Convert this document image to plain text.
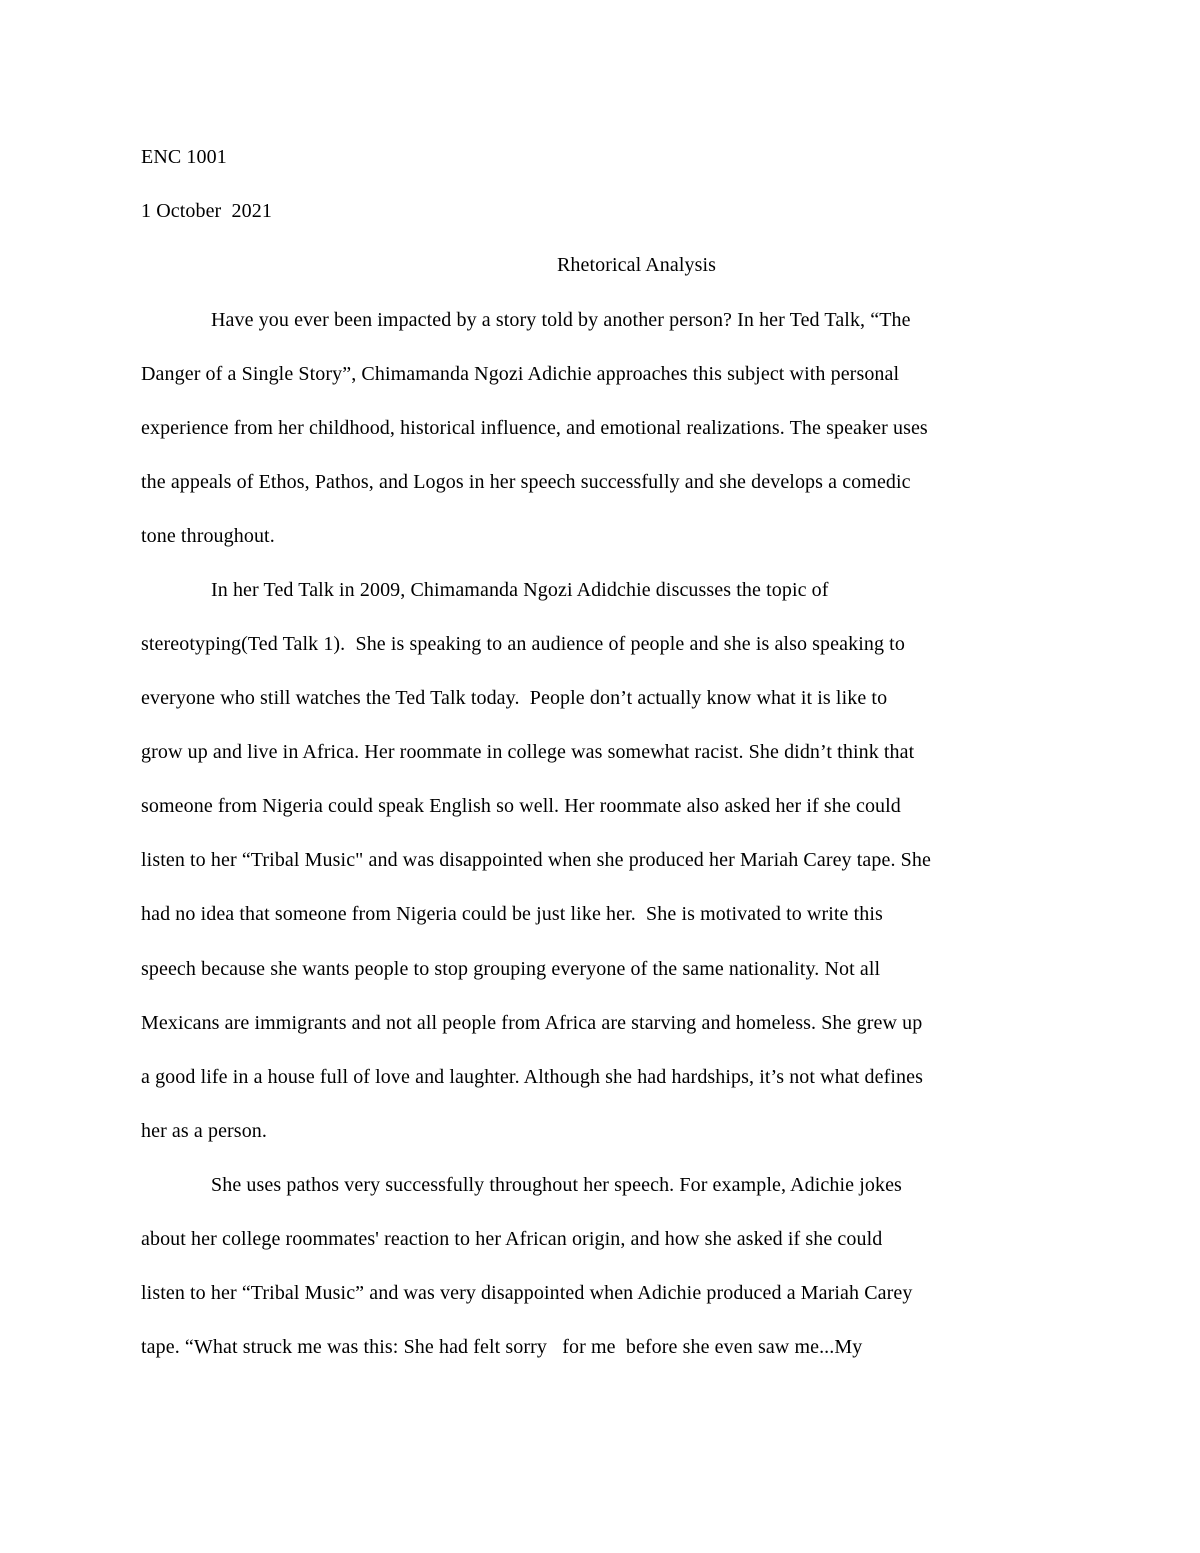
ENC 1001
1 October  2021
Rhetorical Analysis
Have you ever been impacted by a story told by another person? In her Ted Talk, “The
Danger of a Single Story”, Chimamanda Ngozi Adichie approaches this subject with personal
experience from her childhood, historical influence, and emotional realizations. The speaker uses
the appeals of Ethos, Pathos, and Logos in her speech successfully and she develops a comedic
tone throughout.
In her Ted Talk in 2009, Chimamanda Ngozi Adidchie discusses the topic of
stereotyping(Ted Talk 1).  She is speaking to an audience of people and she is also speaking to
everyone who still watches the Ted Talk today.  People don’t actually know what it is like to
grow up and live in Africa. Her roommate in college was somewhat racist. She didn’t think that
someone from Nigeria could speak English so well. Her roommate also asked her if she could
listen to her “Tribal Music" and was disappointed when she produced her Mariah Carey tape. She
had no idea that someone from Nigeria could be just like her.  She is motivated to write this
speech because she wants people to stop grouping everyone of the same nationality. Not all
Mexicans are immigrants and not all people from Africa are starving and homeless. She grew up
a good life in a house full of love and laughter. Although she had hardships, it’s not what defines
her as a person.
She uses pathos very successfully throughout her speech. For example, Adichie jokes
about her college roommates' reaction to her African origin, and how she asked if she could
listen to her “Tribal Music” and was very disappointed when Adichie produced a Mariah Carey
tape. “What struck me was this: She had felt sorry   for me  before she even saw me...My
